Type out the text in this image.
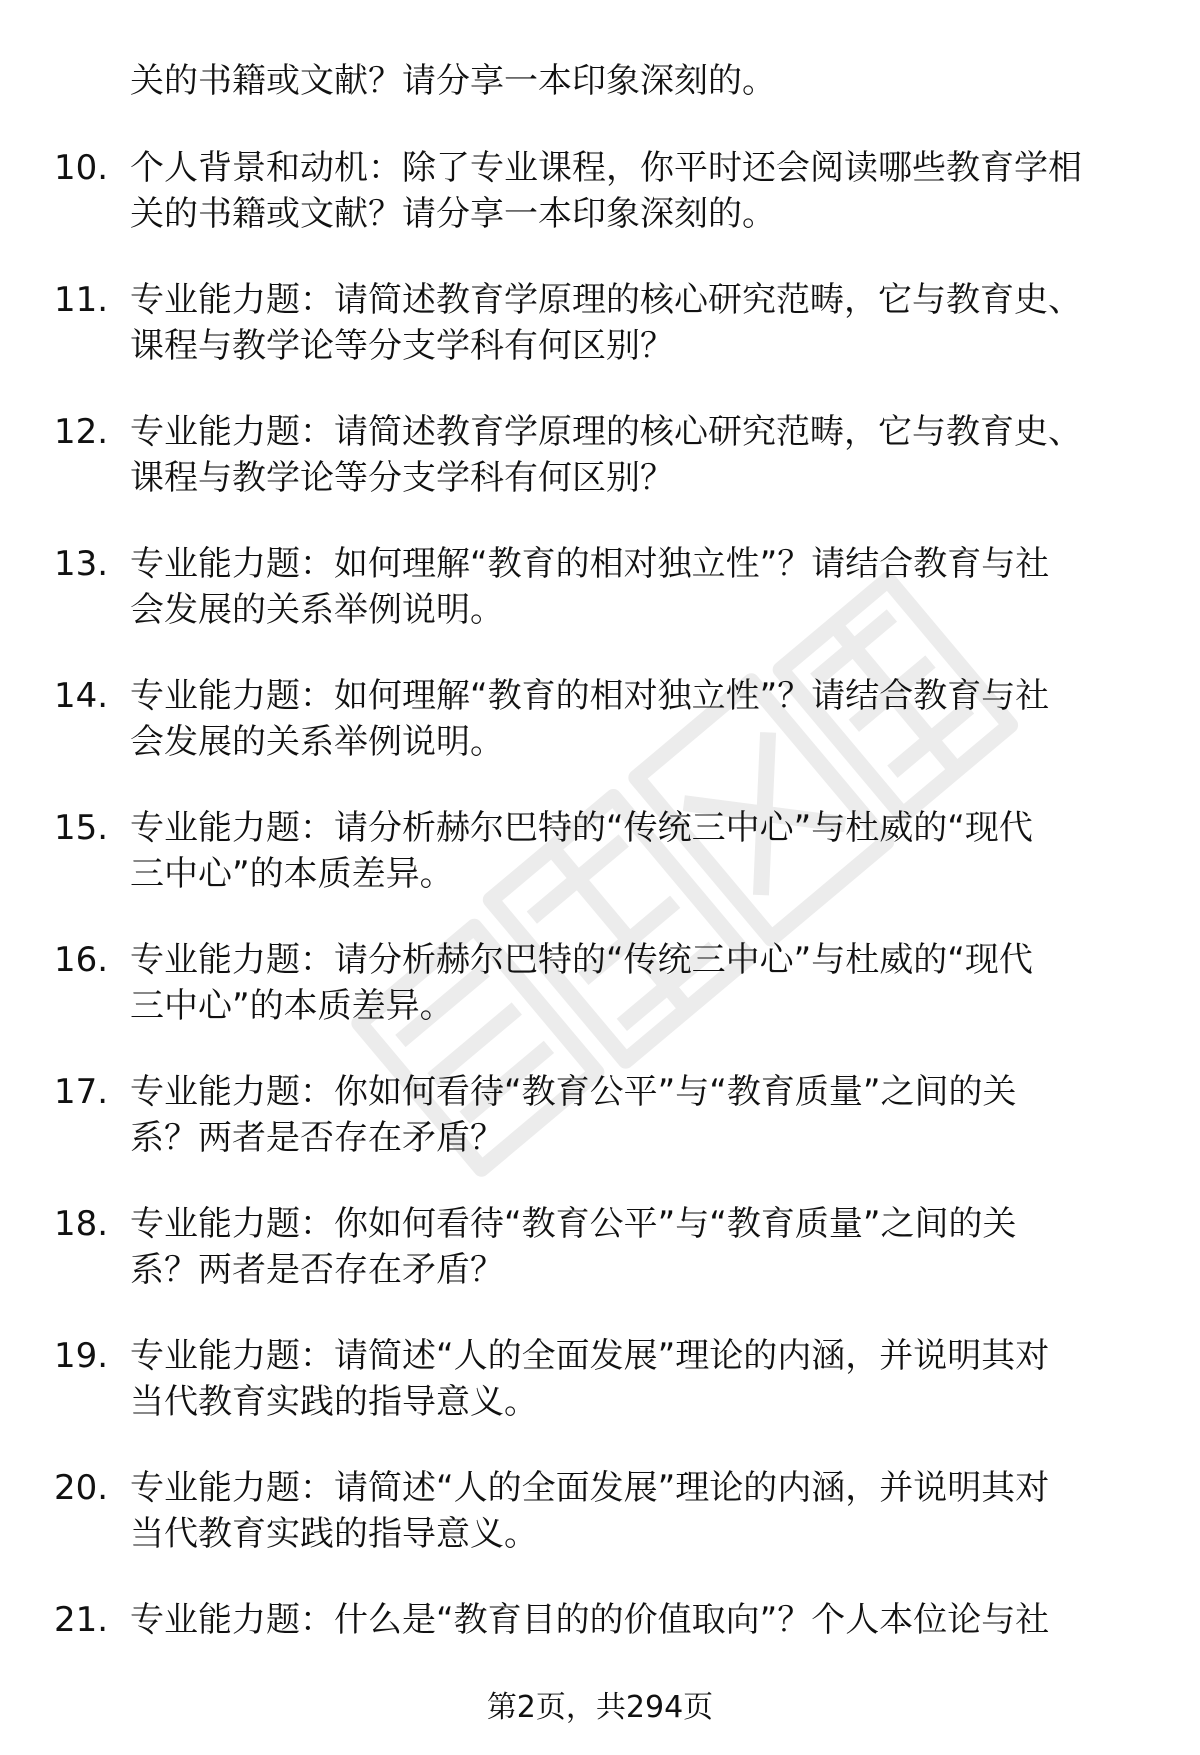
关的书籍或文献？请分享一本印象深刻的。
10. 个人背景和动机：除了专业课程，你平时还会阅读哪些教育学相
关的书籍或文献？请分享一本印象深刻的。
11. 专业能力题：请简述教育学原理的核心研究范畴，它与教育史、
课程与教学论等分支学科有何区别？
12. 专业能力题：请简述教育学原理的核心研究范畴，它与教育史、
课程与教学论等分支学科有何区别？
13. 专业能力题：如何理解“教育的相对独立性”？请结合教育与社
会发展的关系举例说明。
14. 专业能力题：如何理解“教育的相对独立性”？请结合教育与社
会发展的关系举例说明。
15. 专业能力题：请分析赫尔巴特的“传统三中心”与杜威的“现代
三中心”的本质差异。
16. 专业能力题：请分析赫尔巴特的“传统三中心”与杜威的“现代
三中心”的本质差异。
17. 专业能力题：你如何看待“教育公平”与“教育质量”之间的关
系？两者是否存在矛盾？
18. 专业能力题：你如何看待“教育公平”与“教育质量”之间的关
系？两者是否存在矛盾？
19. 专业能力题：请简述“人的全面发展”理论的内涵，并说明其对
当代教育实践的指导意义。
20. 专业能力题：请简述“人的全面发展”理论的内涵，并说明其对
当代教育实践的指导意义。
21. 专业能力题：什么是“教育目的的价值取向”？个人本位论与社
第2页，共294页
